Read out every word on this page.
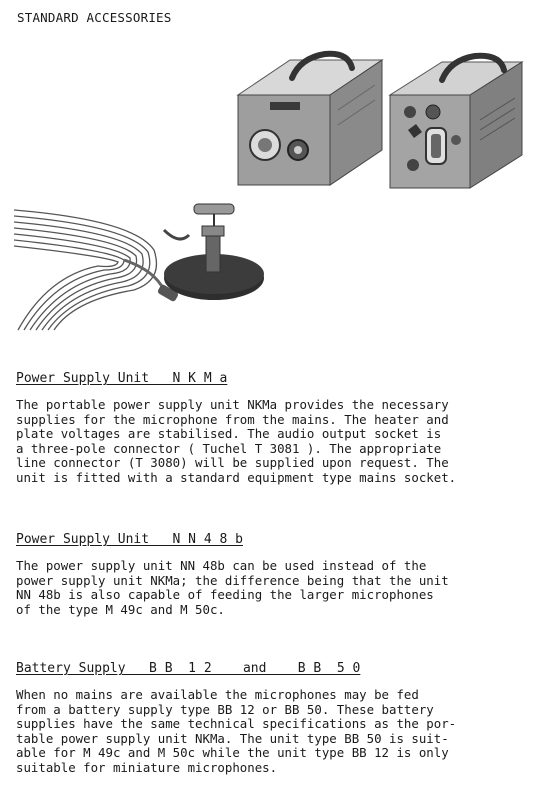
STANDARD ACCESSORIES
Power Supply Unit   N K M a

The portable power supply unit NKMa provides the necessary
supplies for the microphone from the mains. The heater and
plate voltages are stabilised. The audio output socket is
a three-pole connector ( Tuchel T 3081 ). The appropriate
line connector (T 3080) will be supplied upon request. The
unit is fitted with a standard equipment type mains socket.

Power Supply Unit   N N 4 8 b

The power supply unit NN 48b can be used instead of the
power supply unit NKMa; the difference being that the unit
NN 48b is also capable of feeding the larger microphones
of the type M 49c and M 50c.

Battery Supply   B B  1 2    and    B B  5 0

When no mains are available the microphones may be fed
from a battery supply type BB 12 or BB 50. These battery
supplies have the same technical specifications as the por-
table power supply unit NKMa. The unit type BB 50 is suit-
able for M 49c and M 50c while the unit type BB 12 is only
suitable for miniature microphones.
